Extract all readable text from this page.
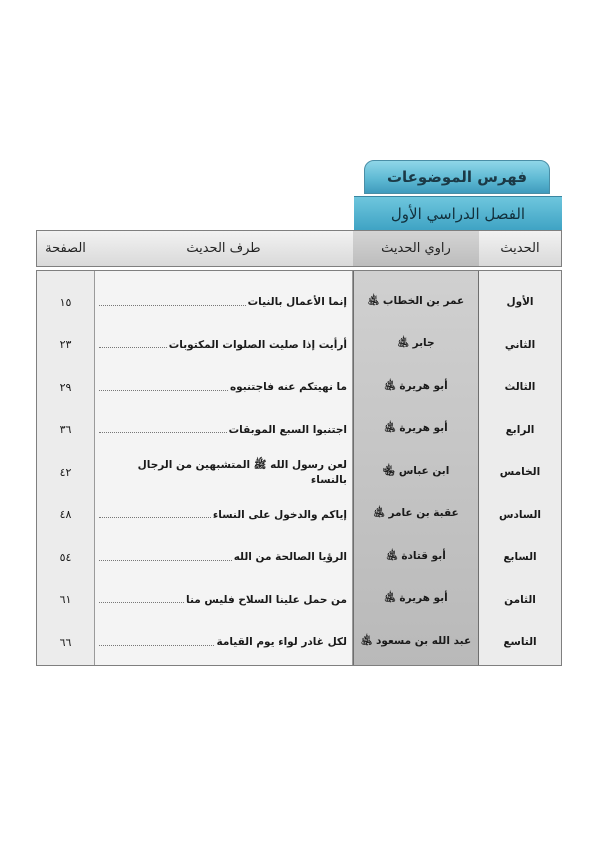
فهرس الموضوعات
الفصل الدراسي الأول
الحديث
راوي الحديث
طرف الحديث
الصفحة
الأول
عمر بن الخطاب ﵁
إنما الأعمال بالنيات
١٥
الثاني
جابر ﵁
أرأيت إذا صليت الصلوات المكتوبات
٢٣
الثالث
أبو هريرة ﵁
ما نهيتكم عنه فاجتنبوه
٢٩
الرابع
أبو هريرة ﵁
اجتنبوا السبع الموبقات
٣٦
الخامس
ابن عباس ﵄
لعن رسول الله ﷺ المتشبهين من الرجال بالنساء
٤٢
السادس
عقبة بن عامر ﵁
إياكم والدخول على النساء
٤٨
السابع
أبو قتادة ﵁
الرؤيا الصالحة من الله
٥٤
الثامن
أبو هريرة ﵁
من حمل علينا السلاح فليس منا
٦١
التاسع
عبد الله بن مسعود ﵁
لكل غادر لواء يوم القيامة
٦٦
